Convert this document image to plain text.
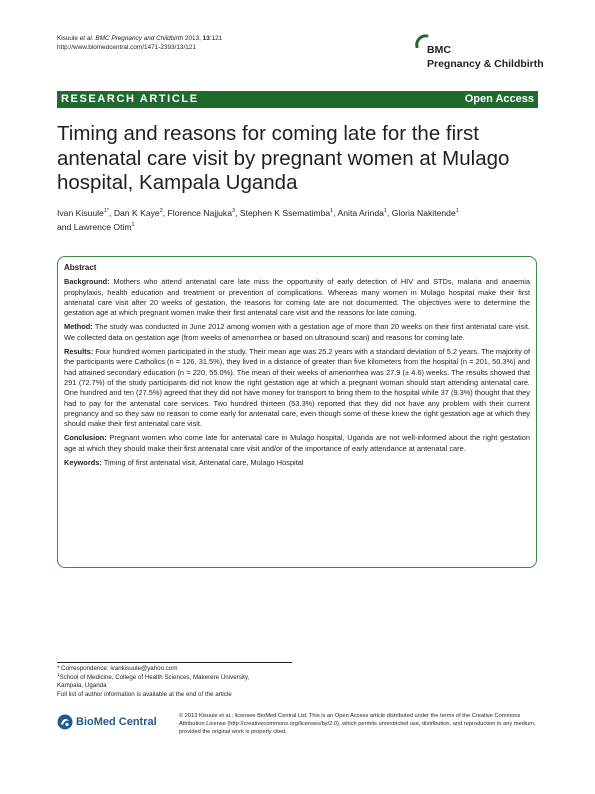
Kisuule et al. BMC Pregnancy and Childbirth 2013, 13:121
http://www.biomedcentral.com/1471-2393/13/121	BMC
Pregnancy & Childbirth
RESEARCH ARTICLE	Open Access
Timing and reasons for coming late for the first antenatal care visit by pregnant women at Mulago hospital, Kampala Uganda
Ivan Kisuule$^{1*}$, Dan K Kaye$^2$, Florence Najjuka$^3$, Stephen K Ssematimba$^1$, Anita Arinda$^1$, Gloria Nakitende$^1$
and Lawrence Otim$^1$
Abstract

Background: Mothers who attend antenatal care late miss the opportunity of early detection of HIV and STDs, malaria and anaemia prophylaxis, health education and treatment or prevention of complications. Whereas many women in Mulago hospital make their first antenatal care visit after 20 weeks of gestation, the reasons for coming late are not documented. The objectives were to determine the gestation age at which pregnant women make their first antenatal care visit and the reasons for late coming.

Method: The study was conducted in June 2012 among women with a gestation age of more than 20 weeks on their first antenatal care visit. We collected data on gestation age (from weeks of amenorrhea or based on ultrasound scan) and reasons for coming late.

Results: Four hundred women participated in the study. Their mean age was 25.2 years with a standard deviation of 5.2 years. The majority of the participants were Catholics (n = 126, 31.5%), they lived in a distance of greater than five kilometers from the hospital (n = 201, 50.3%) and had attained secondary education (n = 220, 55.0%). The mean of their weeks of amenorrhea was 27.9 (± 4.6) weeks. The results showed that 291 (72.7%) of the study participants did not know the right gestation age at which a pregnant woman should start attending antenatal care. One hundred and ten (27.5%) agreed that they did not have money for transport to bring them to the hospital while 37 (9.3%) thought that they had to pay for the antenatal care services. Two hundred thirteen (53.3%) reported that they did not have any problem with their current pregnancy and so they saw no reason to come early for antenatal care, even though some of these knew the right gestation age at which they should make their first antenatal care visit.

Conclusion: Pregnant women who come late for antenatal care in Mulago hospital, Uganda are not well-informed about the right gestation age at which they should make their first antenatal care visit and/or of the importance of early attendance at antenatal care.

Keywords: Timing of first antenatal visit, Antenatal care, Mulago Hospital

* Correspondence: ivankisuule@yahoo.com
$^1$School of Medicine, College of Health Sciences, Makerere University,
Kampala, Uganda
Full list of author information is available at the end of the article
BioMed Central	© 2013 Kisuule et al.; licensee BioMed Central Ltd. This is an Open Access article distributed under the terms of the Creative Commons Attribution License (http://creativecommons.org/licenses/by/2.0), which permits unrestricted use, distribution, and reproduction in any medium, provided the original work is properly cited.
